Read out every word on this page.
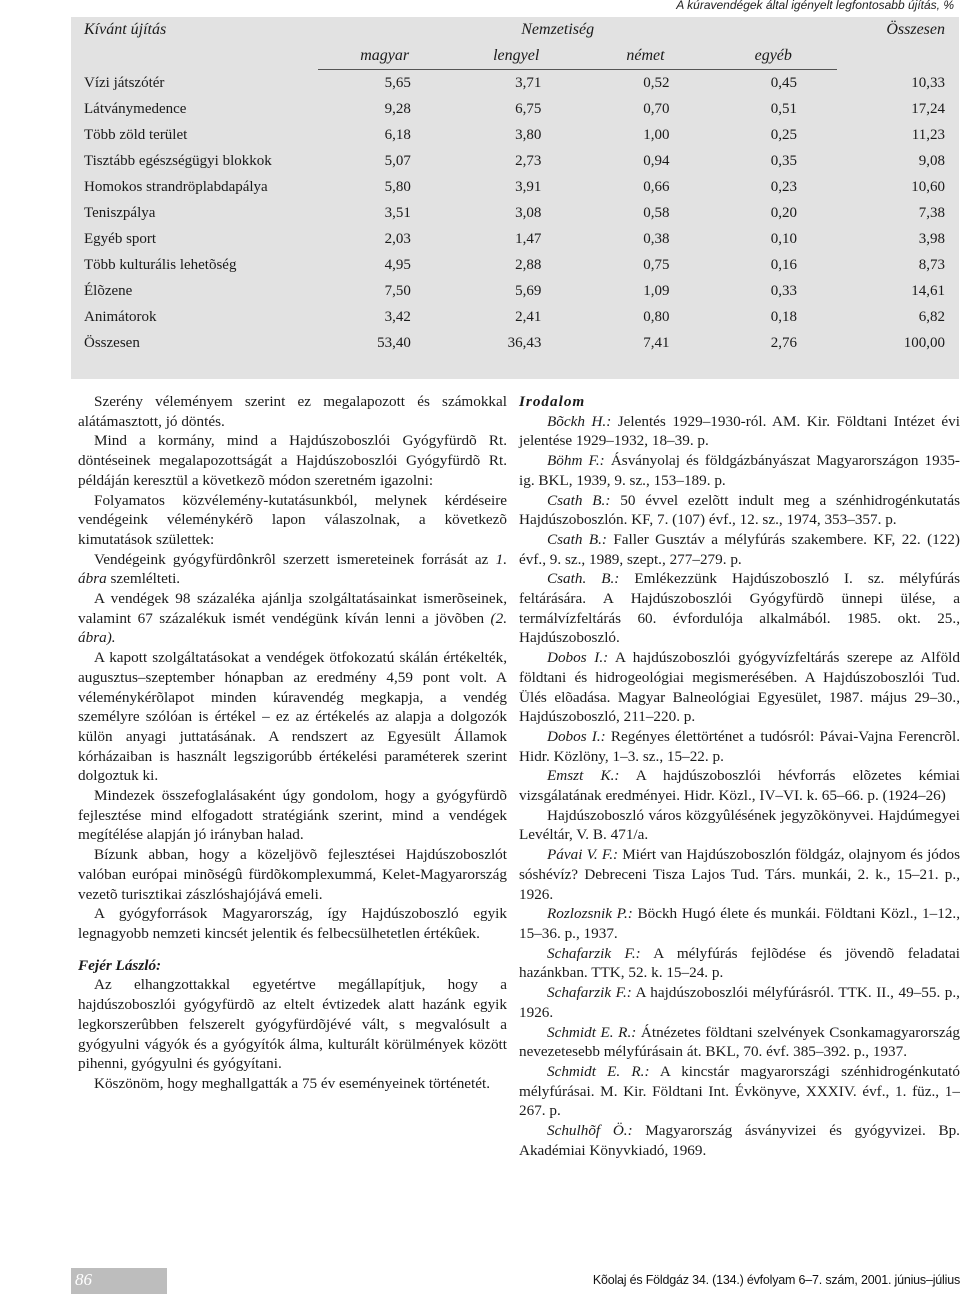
A kúravendégek által igényelt legfontosabb újítás, %
Kívánt újítás	Nemzetiség				Összesen
	magyar	lengyel	német	egyéb	
Vízi játszótér	5,65	3,71	0,52	0,45	10,33
Látványmedence	9,28	6,75	0,70	0,51	17,24
Több zöld terület	6,18	3,80	1,00	0,25	11,23
Tisztább egészségügyi blokkok	5,07	2,73	0,94	0,35	9,08
Homokos strandröplabdapálya	5,80	3,91	0,66	0,23	10,60
Teniszpálya	3,51	3,08	0,58	0,20	7,38
Egyéb sport	2,03	1,47	0,38	0,10	3,98
Több kulturális lehetõség	4,95	2,88	0,75	0,16	8,73
Élõzene	7,50	5,69	1,09	0,33	14,61
Animátorok	3,42	2,41	0,80	0,18	6,82
Összesen	53,40	36,43	7,41	2,76	100,00

Szerény véleményem szerint ez megalapozott és számokkal alátámasztott, jó döntés.

Mind a kormány, mind a Hajdúszoboszlói Gyógyfürdõ Rt. döntéseinek megalapozottságát a Hajdúszoboszlói Gyógyfürdõ Rt. példáján keresztül a következõ módon szeretném igazolni:

Folyamatos közvélemény-kutatásunkból, melynek kérdéseire vendégeink véleménykérõ lapon válaszolnak, a következõ kimutatások születtek:

Vendégeink gyógyfürdônkrôl szerzett ismereteinek forrását az 1. ábra szemlélteti.

A vendégek 98 százaléka ajánlja szolgáltatásainkat ismerõseinek, valamint 67 százalékuk ismét vendégünk kíván lenni a jövõben (2. ábra).

A kapott szolgáltatásokat a vendégek ötfokozatú skálán értékelték, augusztus–szeptember hónapban az eredmény 4,59 pont volt. A véleménykérõlapot minden kúravendég megkapja, a vendég személyre szólóan is értékel – ez az értékelés az alapja a dolgozók külön anyagi juttatásának. A rendszert az Egyesült Államok kórházaiban is használt legszigorúbb értékelési paraméterek szerint dolgoztuk ki.

Mindezek összefoglalásaként úgy gondolom, hogy a gyógyfürdõ fejlesztése mind elfogadott stratégiánk szerint, mind a vendégek megítélése alapján jó irányban halad.

Bízunk abban, hogy a közeljövõ fejlesztései Hajdúszoboszlót valóban európai minõségû fürdõkomplexummá, Kelet-Magyarország vezetõ turisztikai zászlóshajójává emeli.

A gyógyforrások Magyarország, így Hajdúszoboszló egyik legnagyobb nemzeti kincsét jelentik és felbecsülhetetlen értékûek.

Fejér László:

Az elhangzottakkal egyetértve megállapítjuk, hogy a hajdúszoboszlói gyógyfürdõ az eltelt évtizedek alatt hazánk egyik legkorszerûbben felszerelt gyógyfürdõjévé vált, s megvalósult a gyógyulni vágyók és a gyógyítók álma, kulturált körülmények között pihenni, gyógyulni és gyógyítani.

Köszönöm, hogy meghallgatták a 75 év eseményeinek történetét.

Irodalom

Bõckh H.: Jelentés 1929–1930-ról. AM. Kir. Földtani Intézet évi jelentése 1929–1932, 18–39. p.

Böhm F.: Ásványolaj és földgázbányászat Magyarországon 1935-ig. BKL, 1939, 9. sz., 153–189. p.

Csath B.: 50 évvel ezelõtt indult meg a szénhidrogénkutatás Hajdúszoboszlón. KF, 7. (107) évf., 12. sz., 1974, 353–357. p.

Csath B.: Faller Gusztáv a mélyfúrás szakembere. KF, 22. (122) évf., 9. sz., 1989, szept., 277–279. p.

Csath. B.: Emlékezzünk Hajdúszoboszló I. sz. mélyfúrás feltárására. A Hajdúszoboszlói Gyógyfürdõ ünnepi ülése, a termálvízfeltárás 60. évfordulója alkalmából. 1985. okt. 25., Hajdúszoboszló.

Dobos I.: A hajdúszoboszlói gyógyvízfeltárás szerepe az Alföld földtani és hidrogeológiai megismerésében. A Hajdúszoboszlói Tud. Ülés elõadása. Magyar Balneológiai Egyesület, 1987. május 29–30., Hajdúszoboszló, 211–220. p.

Dobos I.: Regényes élettörténet a tudósról: Pávai-Vajna Ferencrõl. Hidr. Közlöny, 1–3. sz., 15–22. p.

Emszt K.: A hajdúszoboszlói hévforrás elõzetes kémiai vizsgálatának eredményei. Hidr. Közl., IV–VI. k. 65–66. p. (1924–26)

Hajdúszoboszló város közgyûlésének jegyzõkönyvei. Hajdúmegyei Levéltár, V. B. 471/a.

Pávai V. F.: Miért van Hajdúszoboszlón földgáz, olajnyom és jódos sóshévíz? Debreceni Tisza Lajos Tud. Társ. munkái, 2. k., 15–21. p., 1926.

Rozlozsnik P.: Böckh Hugó élete és munkái. Földtani Közl., 1–12., 15–36. p., 1937.

Schafarzik F.: A mélyfúrás fejlõdése és jövendõ feladatai hazánkban. TTK, 52. k. 15–24. p.

Schafarzik F.: A hajdúszoboszlói mélyfúrásról. TTK. II., 49–55. p., 1926.

Schmidt E. R.: Átnézetes földtani szelvények Csonkamagyarország nevezetesebb mélyfúrásain át. BKL, 70. évf. 385–392. p., 1937.

Schmidt E. R.: A kincstár magyarországi szénhidrogénkutató mélyfúrásai. M. Kir. Földtani Int. Évkönyve, XXXIV. évf., 1. füz., 1–267. p.

Schulhõf Ö.: Magyarország ásványvizei és gyógyvizei. Bp. Akadémiai Könyvkiadó, 1969.

86	Kõolaj és Földgáz 34. (134.) évfolyam 6–7. szám, 2001. június–július
